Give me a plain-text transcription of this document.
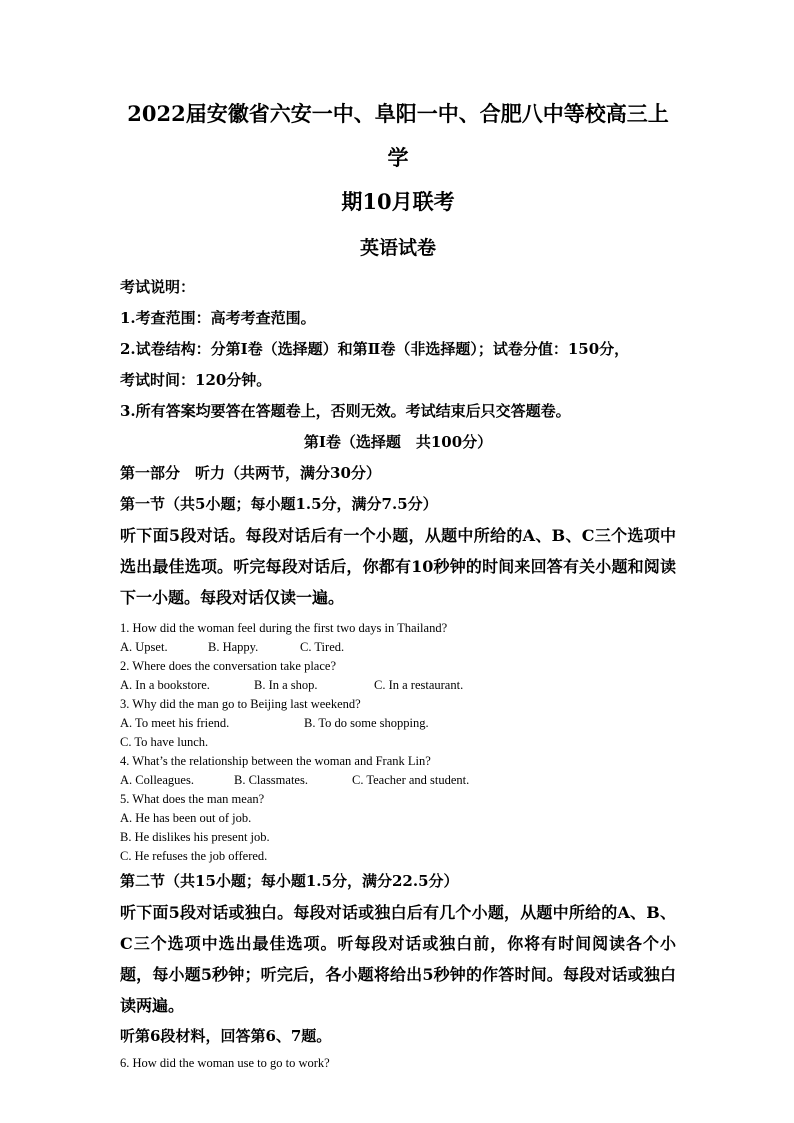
2022届安徽省六安一中、阜阳一中、合肥八中等校高三上学
期10月联考
英语试卷

考试说明：

1.考查范围：高考考查范围。

2.试卷结构：分第Ⅰ卷（选择题）和第Ⅱ卷（非选择题）；试卷分值：150分，

考试时间：120分钟。

3.所有答案均要答在答题卷上，否则无效。考试结束后只交答题卷。

第Ⅰ卷（选择题　共100分）

第一部分　听力（共两节，满分30分）

第一节（共5小题；每小题1.5分，满分7.5分）

听下面5段对话。每段对话后有一个小题，从题中所给的A、B、C三个选项中选出最佳选项。听完每段对话后，你都有10秒钟的时间来回答有关小题和阅读下一小题。每段对话仅读一遍。

1. How did the woman feel during the first two days in Thailand?

A. Upset.	B. Happy.	C. Tired.

2. Where does the conversation take place?

A. In a bookstore.	B. In a shop.	C. In a restaurant.

3. Why did the man go to Beijing last weekend?

A. To meet his friend.	B. To do some shopping.

C. To have lunch.

4. What’s the relationship between the woman and Frank Lin?

A. Colleagues.	B. Classmates.	C. Teacher and student.

5. What does the man mean?

A. He has been out of job.

B. He dislikes his present job.

C. He refuses the job offered.

第二节（共15小题；每小题1.5分，满分22.5分）

听下面5段对话或独白。每段对话或独白后有几个小题，从题中所给的A、B、C三个选项中选出最佳选项。听每段对话或独白前，你将有时间阅读各个小题，每小题5秒钟；听完后，各小题将给出5秒钟的作答时间。每段对话或独白读两遍。

听第6段材料，回答第6、7题。

6. How did the woman use to go to work?
